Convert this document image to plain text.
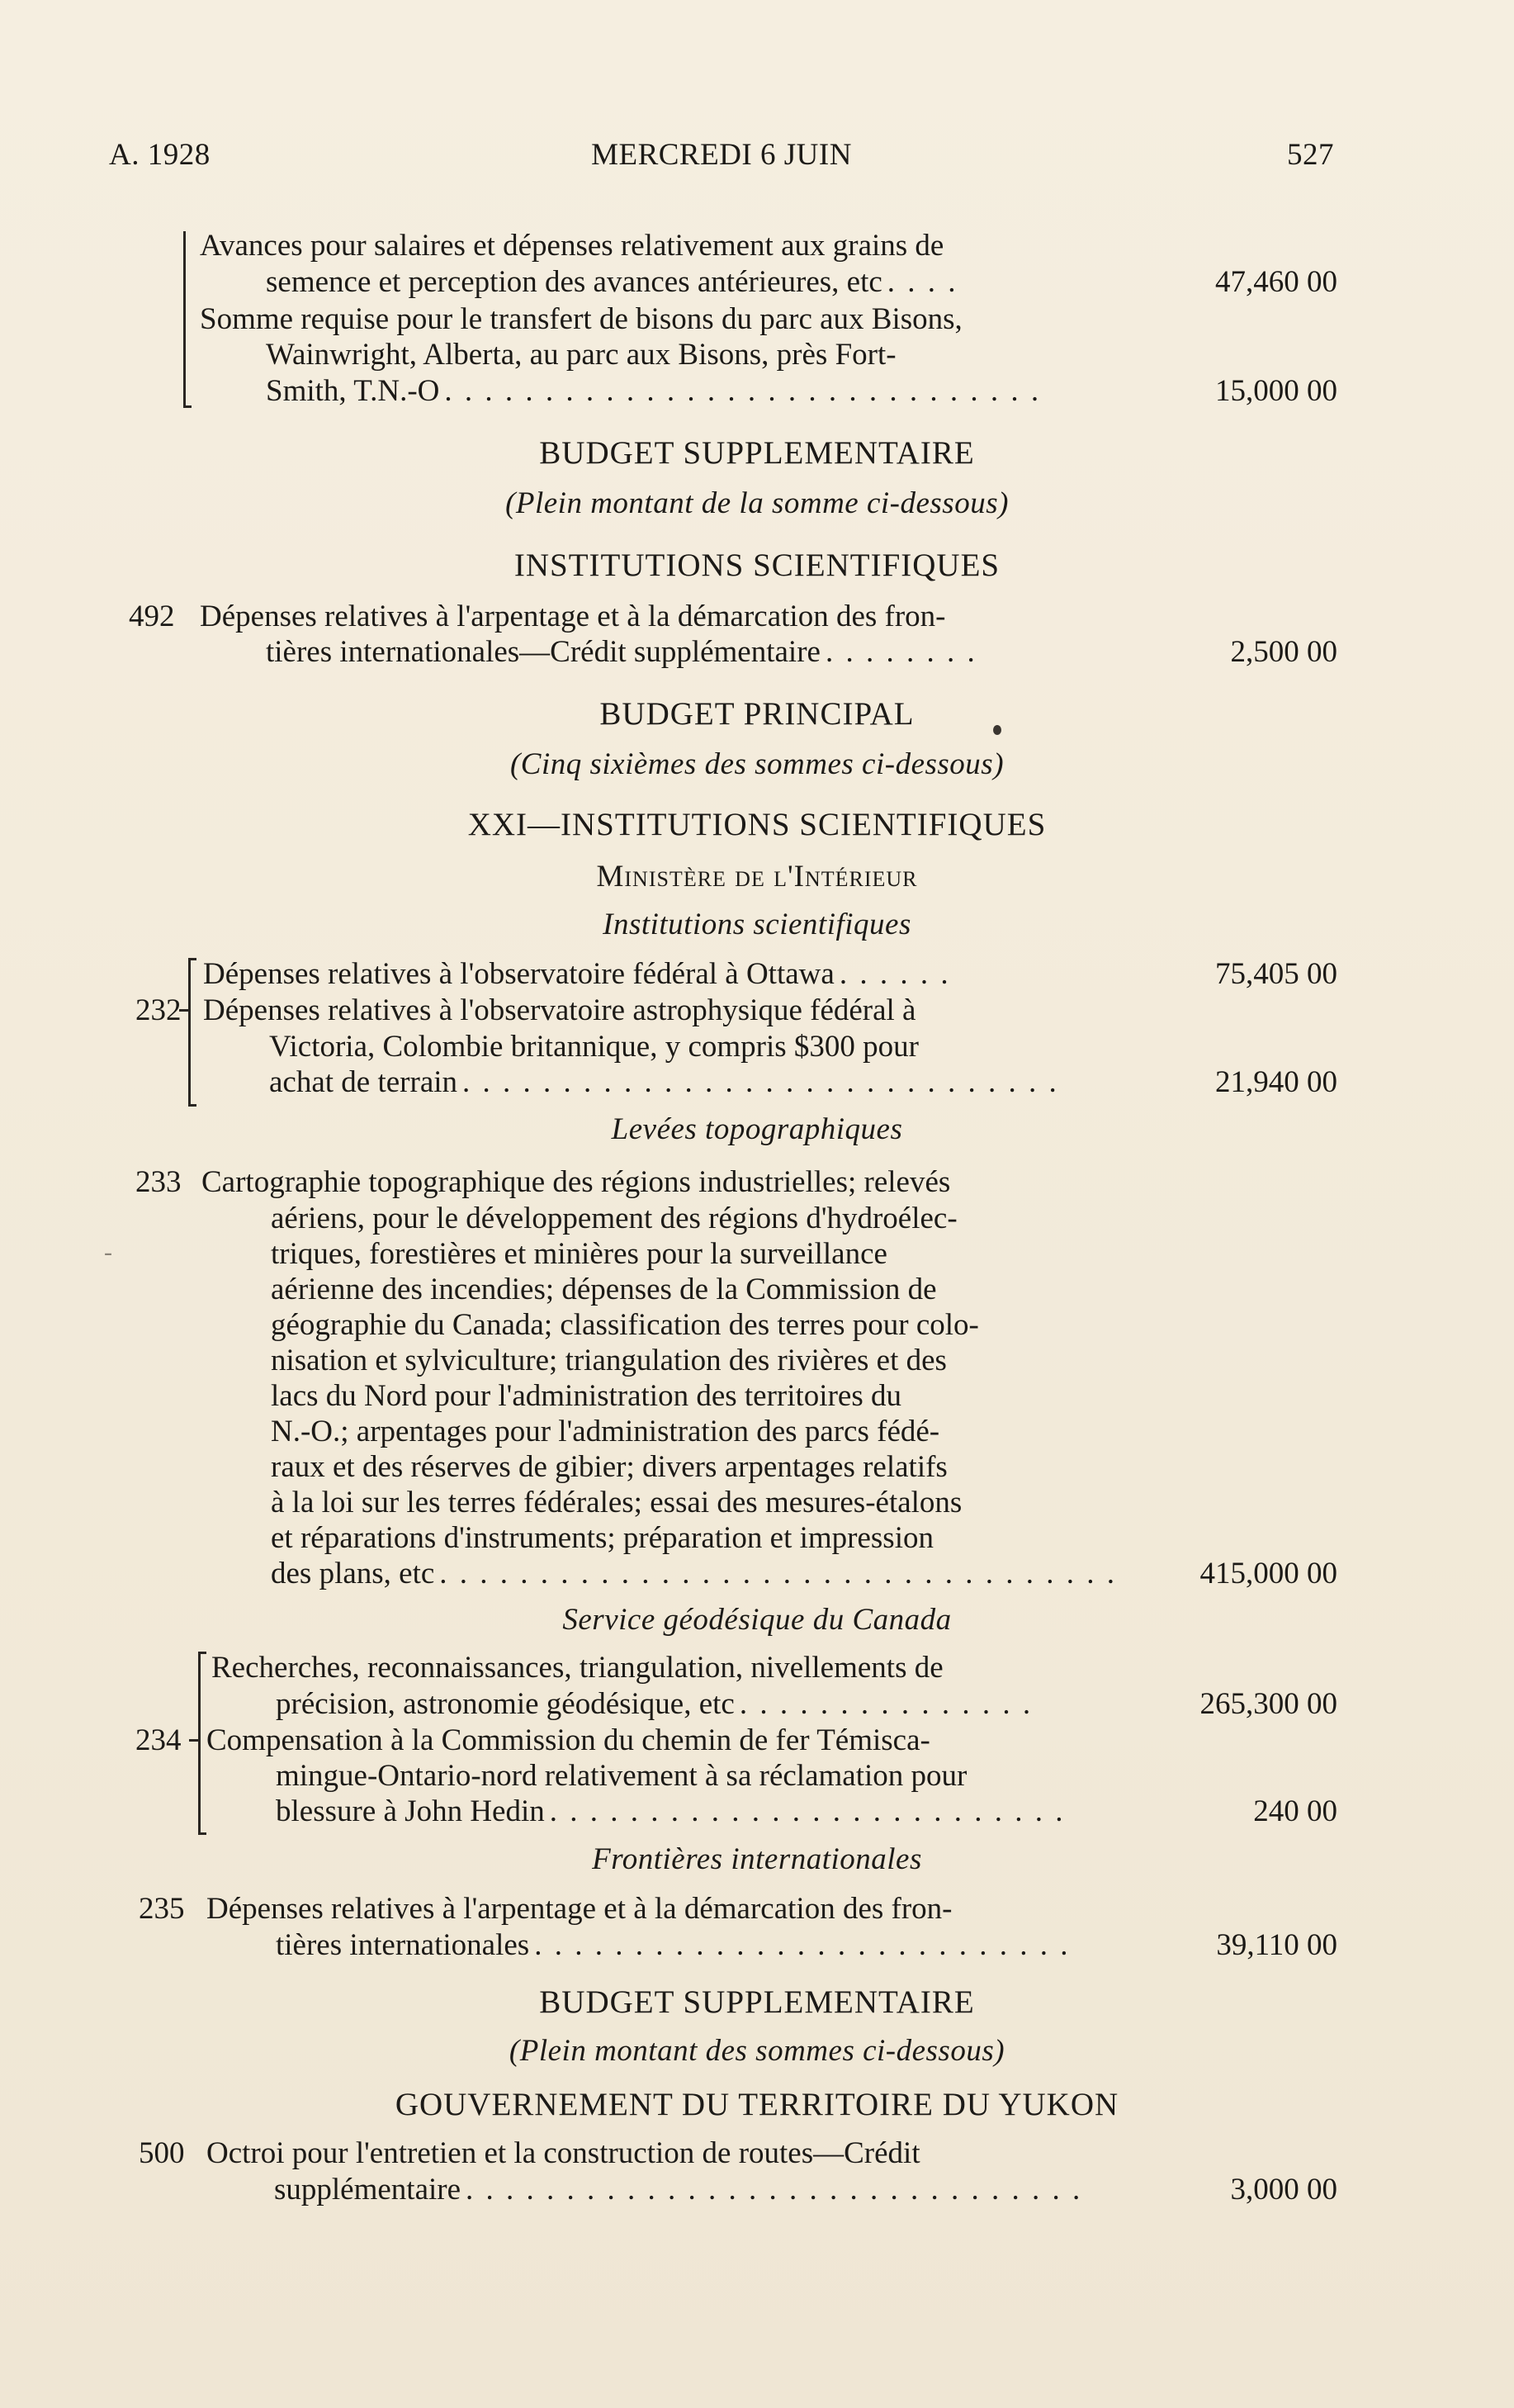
A. 1928	MERCREDI 6 JUIN	527
Avances pour salaires et dépenses relativement aux grains de
semence et perception des avances antérieures, etc . . . .	47,460 00
Somme requise pour le transfert de bisons du parc aux Bisons,
Wainwright, Alberta, au parc aux Bisons, près Fort-
Smith, T.N.-O . . . . . . . . . . . . . . . . . . . . . . . . . . . . . .	15,000 00
BUDGET SUPPLEMENTAIRE
(Plein montant de la somme ci-dessous)
INSTITUTIONS SCIENTIFIQUES
492 Dépenses relatives à l'arpentage et à la démarcation des fron-
tières internationales—Crédit supplémentaire . . . . . . . .	2,500 00
BUDGET PRINCIPAL
(Cinq sixièmes des sommes ci-dessous)
XXI—INSTITUTIONS SCIENTIFIQUES
Ministère de l'Intérieur
Institutions scientifiques
Dépenses relatives à l'observatoire fédéral à Ottawa . . . . . .	75,405 00
232 Dépenses relatives à l'observatoire astrophysique fédéral à
Victoria, Colombie britannique, y compris $300 pour
achat de terrain . . . . . . . . . . . . . . . . . . . . . . . . . . . . . .	21,940 00
Levées topographiques
233 Cartographie topographique des régions industrielles; relevés
aériens, pour le développement des régions d'hydroélec-
triques, forestières et minières pour la surveillance
aérienne des incendies; dépenses de la Commission de
géographie du Canada; classification des terres pour colo-
nisation et sylviculture; triangulation des rivières et des
lacs du Nord pour l'administration des territoires du
N.-O.; arpentages pour l'administration des parcs fédé-
raux et des réserves de gibier; divers arpentages relatifs
à la loi sur les terres fédérales; essai des mesures-étalons
et réparations d'instruments; préparation et impression
des plans, etc . . . . . . . . . . . . . . . . . . . . . . . . . . . . . . . . . .	415,000 00
-
Service géodésique du Canada
Recherches, reconnaissances, triangulation, nivellements de
précision, astronomie géodésique, etc . . . . . . . . . . . . . . .	265,300 00
234 Compensation à la Commission du chemin de fer Témisca-
mingue-Ontario-nord relativement à sa réclamation pour
blessure à John Hedin . . . . . . . . . . . . . . . . . . . . . . . . . .	240 00
Frontières internationales
235 Dépenses relatives à l'arpentage et à la démarcation des fron-
tières internationales . . . . . . . . . . . . . . . . . . . . . . . . . . .	39,110 00
BUDGET SUPPLEMENTAIRE
(Plein montant des sommes ci-dessous)
GOUVERNEMENT DU TERRITOIRE DU YUKON
500 Octroi pour l'entretien et la construction de routes—Crédit
supplémentaire . . . . . . . . . . . . . . . . . . . . . . . . . . . . . . .	3,000 00
